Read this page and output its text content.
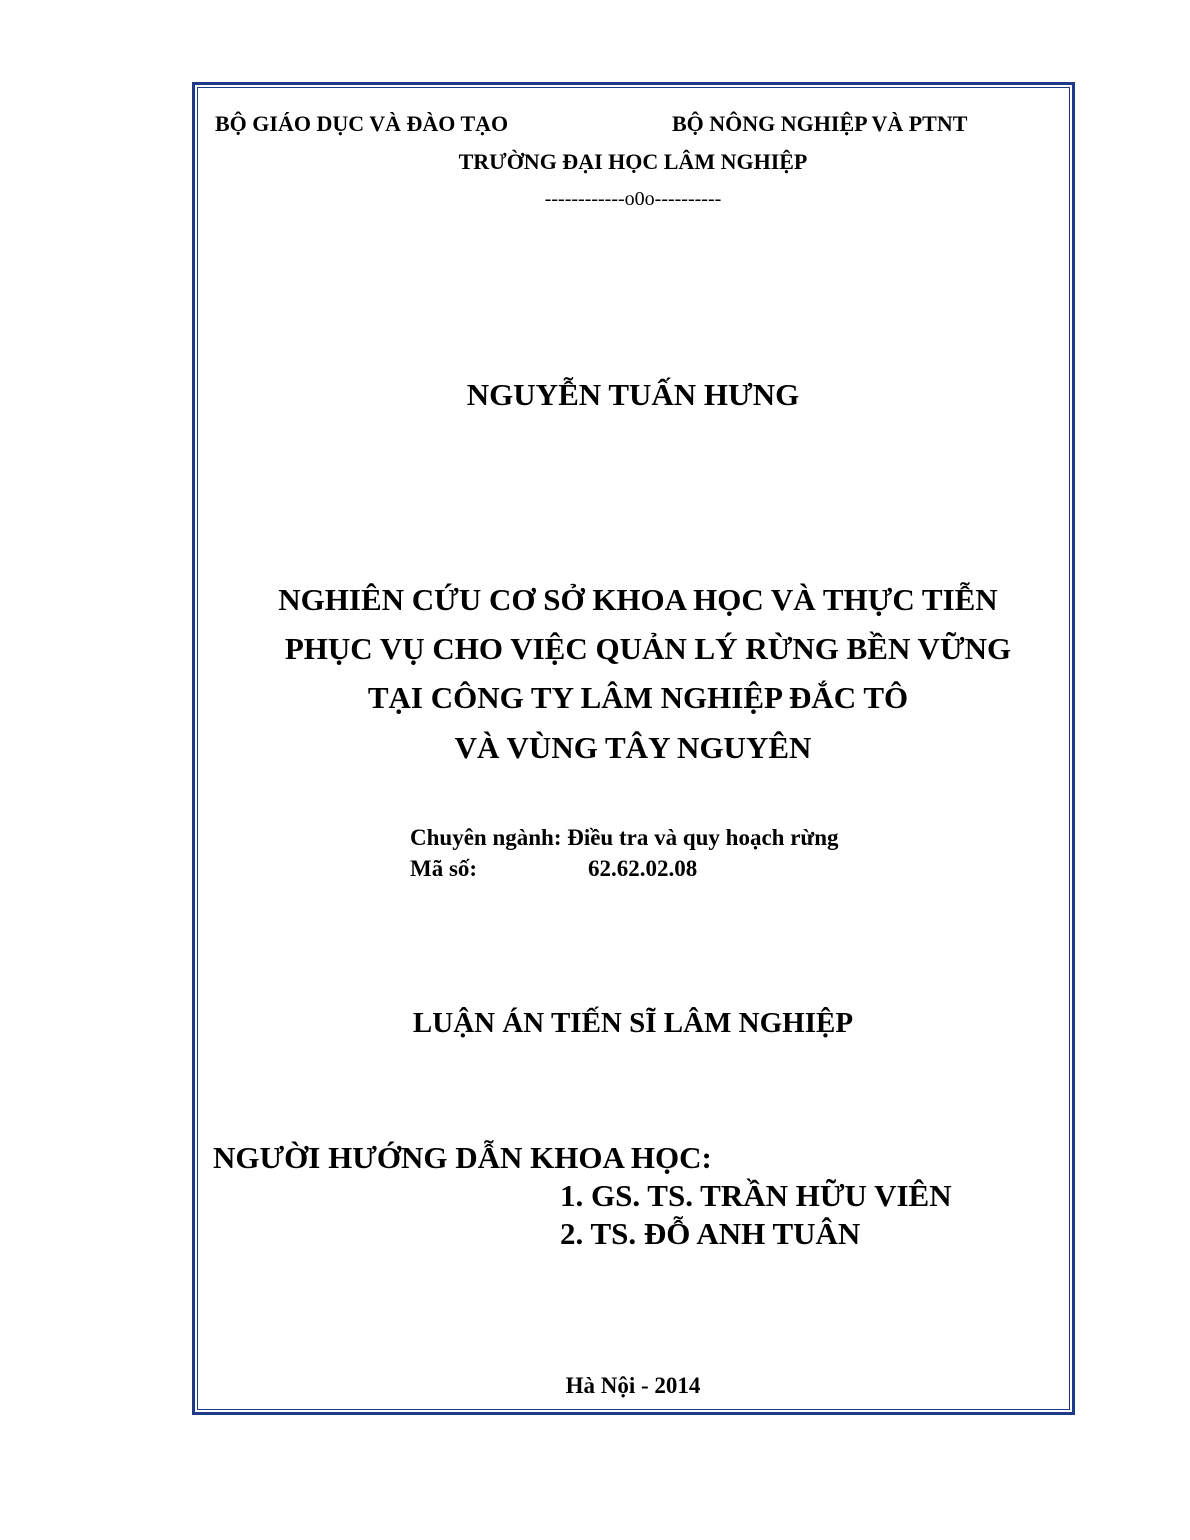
BỘ GIÁO DỤC VÀ ĐÀO TẠO	BỘ NÔNG NGHIỆP VÀ PTNT
TRƯỜNG ĐẠI HỌC LÂM NGHIỆP
------------o0o----------
NGUYỄN TUẤN HƯNG
NGHIÊN CỨU CƠ SỞ KHOA HỌC VÀ THỰC TIỄN
PHỤC VỤ CHO VIỆC QUẢN LÝ RỪNG BỀN VỮNG
TẠI CÔNG TY LÂM NGHIỆP ĐẮC TÔ
VÀ VÙNG TÂY NGUYÊN
Chuyên ngành: Điều tra và quy hoạch rừng
Mã số:	62.62.02.08
LUẬN ÁN TIẾN SĨ LÂM NGHIỆP
NGƯỜI HƯỚNG DẪN KHOA HỌC:
1. GS. TS. TRẦN HỮU VIÊN
2. TS. ĐỖ ANH TUÂN
Hà Nội - 2014
